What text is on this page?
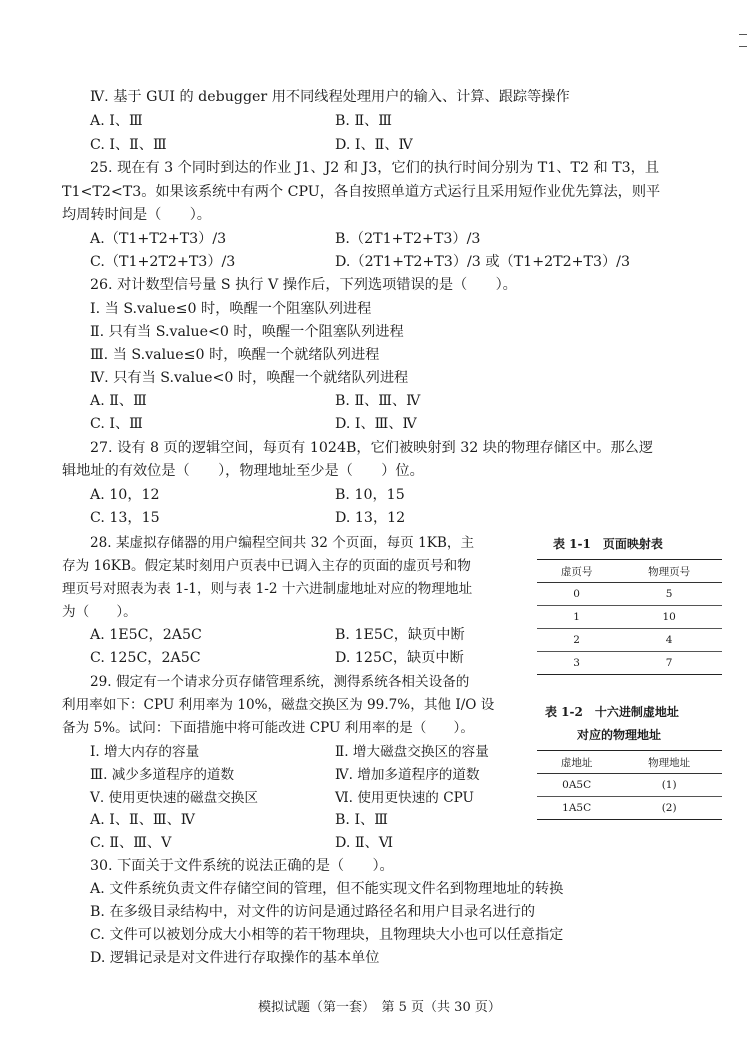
Ⅳ. 基于 GUI 的 debugger 用不同线程处理用户的输入、计算、跟踪等操作
A. Ⅰ、Ⅲ	B. Ⅱ、Ⅲ
C. Ⅰ、Ⅱ、Ⅲ	D. Ⅰ、Ⅱ、Ⅳ
25. 现在有 3 个同时到达的作业 J1、J2 和 J3，它们的执行时间分别为 T1、T2 和 T3，且
T1<T2<T3。如果该系统中有两个 CPU，各自按照单道方式运行且采用短作业优先算法，则平
均周转时间是（　　）。
A.（T1+T2+T3）/3	B.（2T1+T2+T3）/3
C.（T1+2T2+T3）/3	D.（2T1+T2+T3）/3 或（T1+2T2+T3）/3
26. 对计数型信号量 S 执行 V 操作后，下列选项错误的是（　　）。
Ⅰ. 当 S.value≤0 时，唤醒一个阻塞队列进程
Ⅱ. 只有当 S.value<0 时，唤醒一个阻塞队列进程
Ⅲ. 当 S.value≤0 时，唤醒一个就绪队列进程
Ⅳ. 只有当 S.value<0 时，唤醒一个就绪队列进程
A. Ⅱ、Ⅲ	B. Ⅱ、Ⅲ、Ⅳ
C. Ⅰ、Ⅲ	D. Ⅰ、Ⅲ、Ⅳ
27. 设有 8 页的逻辑空间，每页有 1024B，它们被映射到 32 块的物理存储区中。那么逻
辑地址的有效位是（　　），物理地址至少是（　　）位。
A. 10，12	B. 10，15
C. 13，15	D. 13，12
28. 某虚拟存储器的用户编程空间共 32 个页面，每页 1KB，主
存为 16KB。假定某时刻用户页表中已调入主存的页面的虚页号和物
理页号对照表为表 1-1，则与表 1-2 十六进制虚地址对应的物理地址
为（　　）。
A. 1E5C，2A5C	B. 1E5C，缺页中断
C. 125C，2A5C	D. 125C，缺页中断
29. 假定有一个请求分页存储管理系统，测得系统各相关设备的
利用率如下：CPU 利用率为 10%，磁盘交换区为 99.7%，其他 I/O 设
备为 5%。试问：下面措施中将可能改进 CPU 利用率的是（　　）。
Ⅰ. 增大内存的容量	Ⅱ. 增大磁盘交换区的容量
Ⅲ. 减少多道程序的道数	Ⅳ. 增加多道程序的道数
Ⅴ. 使用更快速的磁盘交换区	Ⅵ. 使用更快速的 CPU
A. Ⅰ、Ⅱ、Ⅲ、Ⅳ	B. Ⅰ、Ⅲ
C. Ⅱ、Ⅲ、Ⅴ	D. Ⅱ、Ⅵ
30. 下面关于文件系统的说法正确的是（　　）。
A. 文件系统负责文件存储空间的管理，但不能实现文件名到物理地址的转换
B. 在多级目录结构中，对文件的访问是通过路径名和用户目录名进行的
C. 文件可以被划分成大小相等的若干物理块，且物理块大小也可以任意指定
D. 逻辑记录是对文件进行存取操作的基本单位
表 1-1　页面映射表
虚页号	物理页号
0	5
1	10
2	4
3	7
表 1-2　十六进制虚地址
对应的物理地址
虚地址	物理地址
0A5C	(1)
1A5C	(2)
模拟试题（第一套）　第 5 页（共 30 页）
